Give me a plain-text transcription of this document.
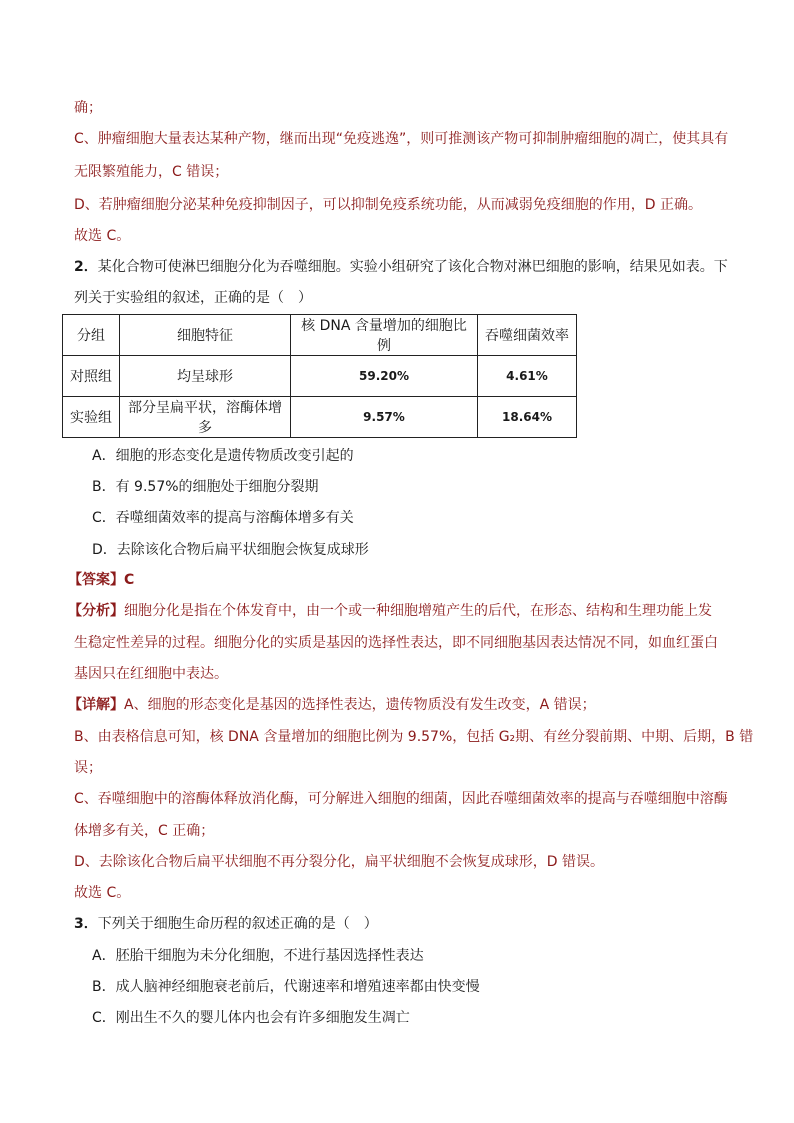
确；
C、肿瘤细胞大量表达某种产物，继而出现“免疫逃逸”，则可推测该产物可抑制肿瘤细胞的凋亡，使其具有
无限繁殖能力，C 错误；
D、若肿瘤细胞分泌某种免疫抑制因子，可以抑制免疫系统功能，从而减弱免疫细胞的作用，D 正确。
故选 C。
2．某化合物可使淋巴细胞分化为吞噬细胞。实验小组研究了该化合物对淋巴细胞的影响，结果见如表。下
列关于实验组的叙述，正确的是（　）
分组	细胞特征	核 DNA 含量增加的细胞比例	吞噬细菌效率
对照组	均呈球形	59.20%	4.61%
实验组	部分呈扁平状，溶酶体增多	9.57%	18.64%
A．细胞的形态变化是遗传物质改变引起的
B．有 9.57%的细胞处于细胞分裂期
C．吞噬细菌效率的提高与溶酶体增多有关
D．去除该化合物后扁平状细胞会恢复成球形
【答案】C
【分析】细胞分化是指在个体发育中，由一个或一种细胞增殖产生的后代，在形态、结构和生理功能上发
生稳定性差异的过程。细胞分化的实质是基因的选择性表达，即不同细胞基因表达情况不同，如血红蛋白
基因只在红细胞中表达。
【详解】A、细胞的形态变化是基因的选择性表达，遗传物质没有发生改变，A 错误；
B、由表格信息可知，核 DNA 含量增加的细胞比例为 9.57%，包括 G₂期、有丝分裂前期、中期、后期，B 错
误；
C、吞噬细胞中的溶酶体释放消化酶，可分解进入细胞的细菌，因此吞噬细菌效率的提高与吞噬细胞中溶酶
体增多有关，C 正确；
D、去除该化合物后扁平状细胞不再分裂分化，扁平状细胞不会恢复成球形，D 错误。
故选 C。
3．下列关于细胞生命历程的叙述正确的是（　）
A．胚胎干细胞为未分化细胞，不进行基因选择性表达
B．成人脑神经细胞衰老前后，代谢速率和增殖速率都由快变慢
C．刚出生不久的婴儿体内也会有许多细胞发生凋亡
